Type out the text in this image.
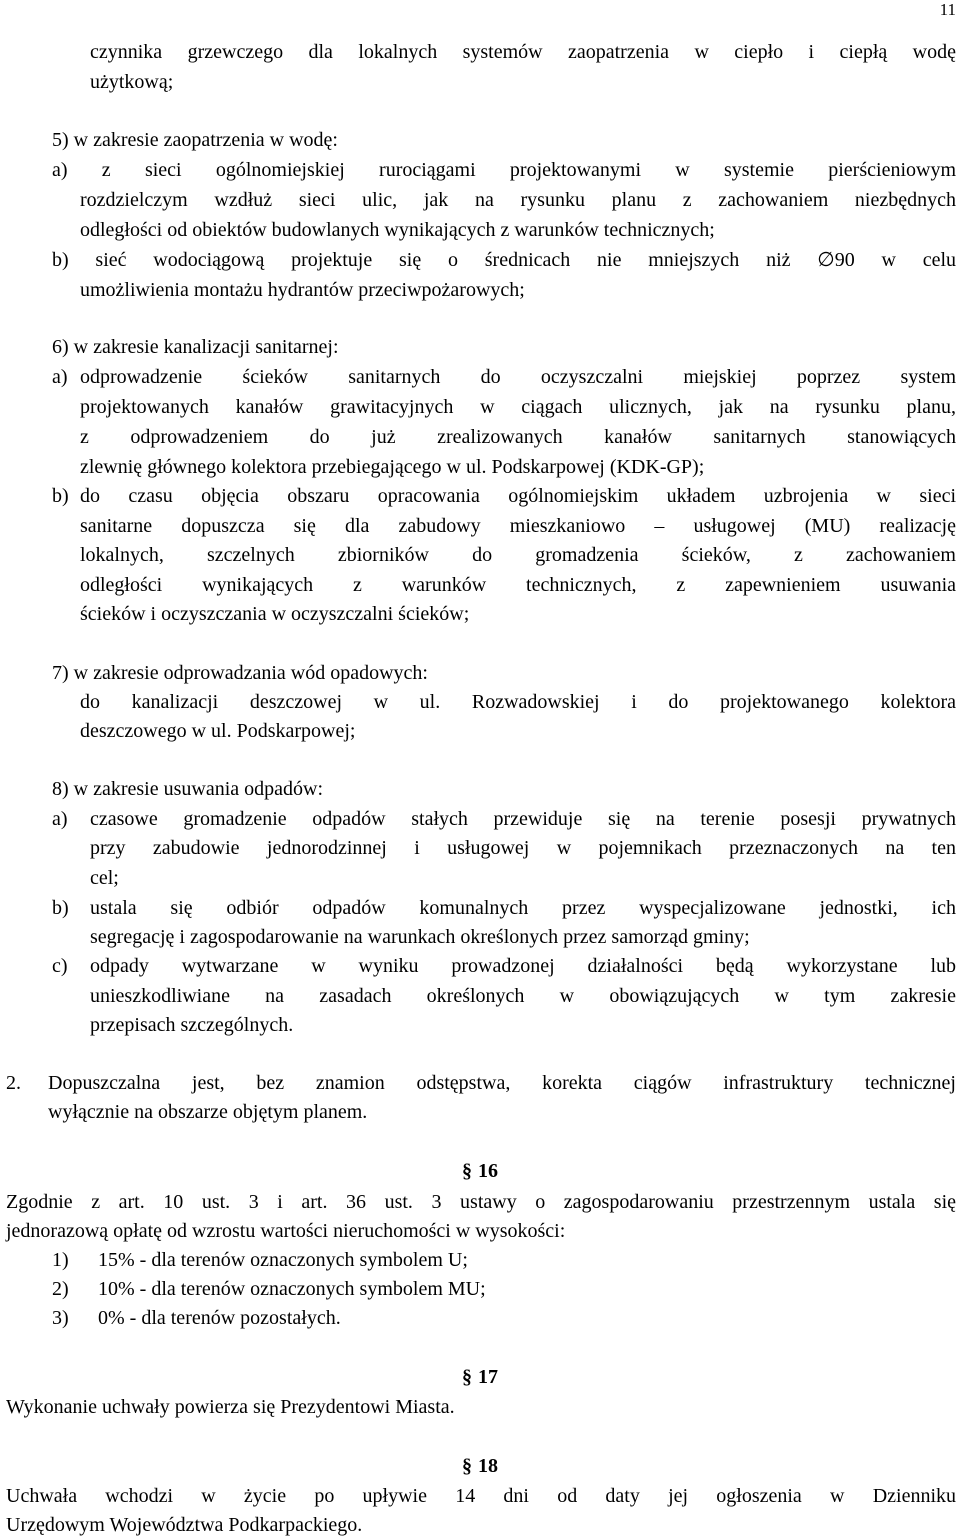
11
czynnika grzewczego dla lokalnych systemów zaopatrzenia w ciepło i ciepłą wodę
użytkową;
5) w zakresie zaopatrzenia w wodę:
a) z sieci ogólnomiejskiej rurociągami projektowanymi w systemie pierścieniowym
rozdzielczym wzdłuż sieci ulic, jak na rysunku planu z zachowaniem niezbędnych
odległości od obiektów budowlanych wynikających z warunków technicznych;
b) sieć wodociągową projektuje się o średnicach nie mniejszych niż ∅90 w celu
umożliwienia montażu hydrantów przeciwpożarowych;
6) w zakresie kanalizacji sanitarnej:
a) odprowadzenie ścieków sanitarnych do oczyszczalni miejskiej poprzez system
projektowanych kanałów grawitacyjnych w ciągach ulicznych, jak na rysunku planu,
z odprowadzeniem do już zrealizowanych kanałów sanitarnych stanowiących
zlewnię głównego kolektora przebiegającego w ul. Podskarpowej (KDK-GP);
b) do czasu objęcia obszaru opracowania ogólnomiejskim układem uzbrojenia w sieci
sanitarne dopuszcza się dla zabudowy mieszkaniowo – usługowej (MU) realizację
lokalnych, szczelnych zbiorników do gromadzenia ścieków, z zachowaniem
odległości wynikających z warunków technicznych, z zapewnieniem usuwania
ścieków i oczyszczania w oczyszczalni ścieków;
7) w zakresie odprowadzania wód opadowych:
do kanalizacji deszczowej w ul. Rozwadowskiej i do projektowanego kolektora
deszczowego w ul. Podskarpowej;
8) w zakresie usuwania odpadów:
a) czasowe gromadzenie odpadów stałych przewiduje się na terenie posesji prywatnych
przy zabudowie jednorodzinnej i usługowej w pojemnikach przeznaczonych na ten
cel;
b) ustala się odbiór odpadów komunalnych przez wyspecjalizowane jednostki, ich
segregację i zagospodarowanie na warunkach określonych przez samorząd gminy;
c) odpady wytwarzane w wyniku prowadzonej działalności będą wykorzystane lub
unieszkodliwiane na zasadach określonych w obowiązujących w tym zakresie
przepisach szczególnych.
2. Dopuszczalna jest, bez znamion odstępstwa, korekta ciągów infrastruktury technicznej
wyłącznie na obszarze objętym planem.
§ 16
Zgodnie z art. 10 ust. 3 i art. 36 ust. 3 ustawy o zagospodarowaniu przestrzennym ustala się
jednorazową opłatę od wzrostu wartości nieruchomości w wysokości:
1) 15% - dla terenów oznaczonych symbolem U;
2) 10% - dla terenów oznaczonych symbolem MU;
3) 0% - dla terenów pozostałych.
§ 17
Wykonanie uchwały powierza się Prezydentowi Miasta.
§ 18
Uchwała wchodzi w życie po upływie 14 dni od daty jej ogłoszenia w Dzienniku
Urzędowym Województwa Podkarpackiego.
